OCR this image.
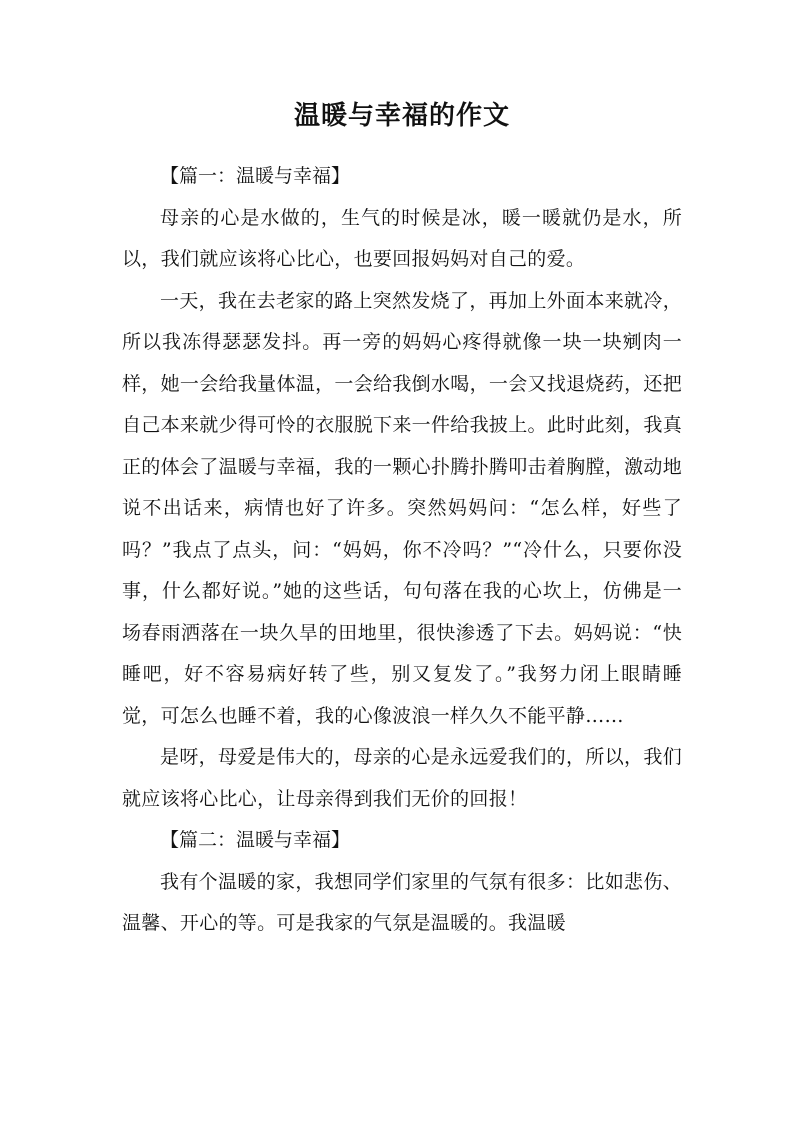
温暖与幸福的作文

【篇一：温暖与幸福】

母亲的心是水做的，生气的时候是冰，暖一暖就仍是水，所以，我们就应该将心比心，也要回报妈妈对自己的爱。

一天，我在去老家的路上突然发烧了，再加上外面本来就冷，所以我冻得瑟瑟发抖。再一旁的妈妈心疼得就像一块一块剜肉一样，她一会给我量体温，一会给我倒水喝，一会又找退烧药，还把自己本来就少得可怜的衣服脱下来一件给我披上。此时此刻，我真正的体会了温暖与幸福，我的一颗心扑腾扑腾叩击着胸膛，激动地说不出话来，病情也好了许多。突然妈妈问：“怎么样，好些了吗？”我点了点头，问：“妈妈，你不冷吗？”“冷什么，只要你没事，什么都好说。”她的这些话，句句落在我的心坎上，仿佛是一场春雨洒落在一块久旱的田地里，很快渗透了下去。妈妈说：“快睡吧，好不容易病好转了些，别又复发了。”我努力闭上眼睛睡觉，可怎么也睡不着，我的心像波浪一样久久不能平静……

是呀，母爱是伟大的，母亲的心是永远爱我们的，所以，我们就应该将心比心，让母亲得到我们无价的回报！

【篇二：温暖与幸福】

我有个温暖的家，我想同学们家里的气氛有很多：比如悲伤、温馨、开心的等。可是我家的气氛是温暖的。我温暖
